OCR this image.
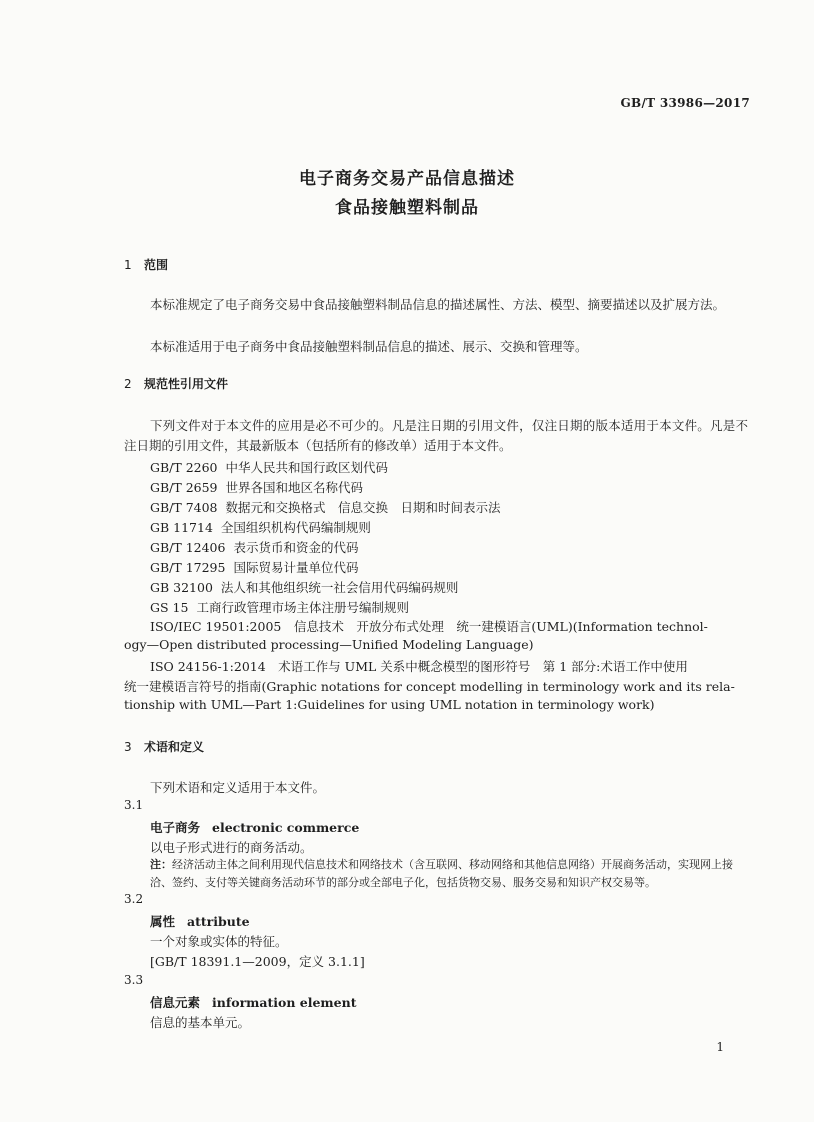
GB/T 33986—2017
电子商务交易产品信息描述
食品接触塑料制品
1 范围
本标准规定了电子商务交易中食品接触塑料制品信息的描述属性、方法、模型、摘要描述以及扩展方法。
本标准适用于电子商务中食品接触塑料制品信息的描述、展示、交换和管理等。
2 规范性引用文件
下列文件对于本文件的应用是必不可少的。凡是注日期的引用文件，仅注日期的版本适用于本文件。凡是不注日期的引用文件，其最新版本（包括所有的修改单）适用于本文件。
GB/T 2260 中华人民共和国行政区划代码
GB/T 2659 世界各国和地区名称代码
GB/T 7408 数据元和交换格式　信息交换　日期和时间表示法
GB 11714 全国组织机构代码编制规则
GB/T 12406 表示货币和资金的代码
GB/T 17295 国际贸易计量单位代码
GB 32100 法人和其他组织统一社会信用代码编码规则
GS 15 工商行政管理市场主体注册号编制规则
ISO/IEC 19501:2005　信息技术　开放分布式处理　统一建模语言(UML)(Information technol-
ogy—Open distributed processing—Unified Modeling Language)
ISO 24156-1:2014　术语工作与 UML 关系中概念模型的图形符号　第 1 部分:术语工作中使用
统一建模语言符号的指南(Graphic notations for concept modelling in terminology work and its rela-
tionship with UML—Part 1:Guidelines for using UML notation in terminology work)
3 术语和定义
下列术语和定义适用于本文件。
3.1
电子商务 electronic commerce
以电子形式进行的商务活动。
注：经济活动主体之间利用现代信息技术和网络技术（含互联网、移动网络和其他信息网络）开展商务活动，实现网上接洽、签约、支付等关键商务活动环节的部分或全部电子化，包括货物交易、服务交易和知识产权交易等。
3.2
属性 attribute
一个对象或实体的特征。
[GB/T 18391.1—2009，定义 3.1.1]
3.3
信息元素 information element
信息的基本单元。
1
